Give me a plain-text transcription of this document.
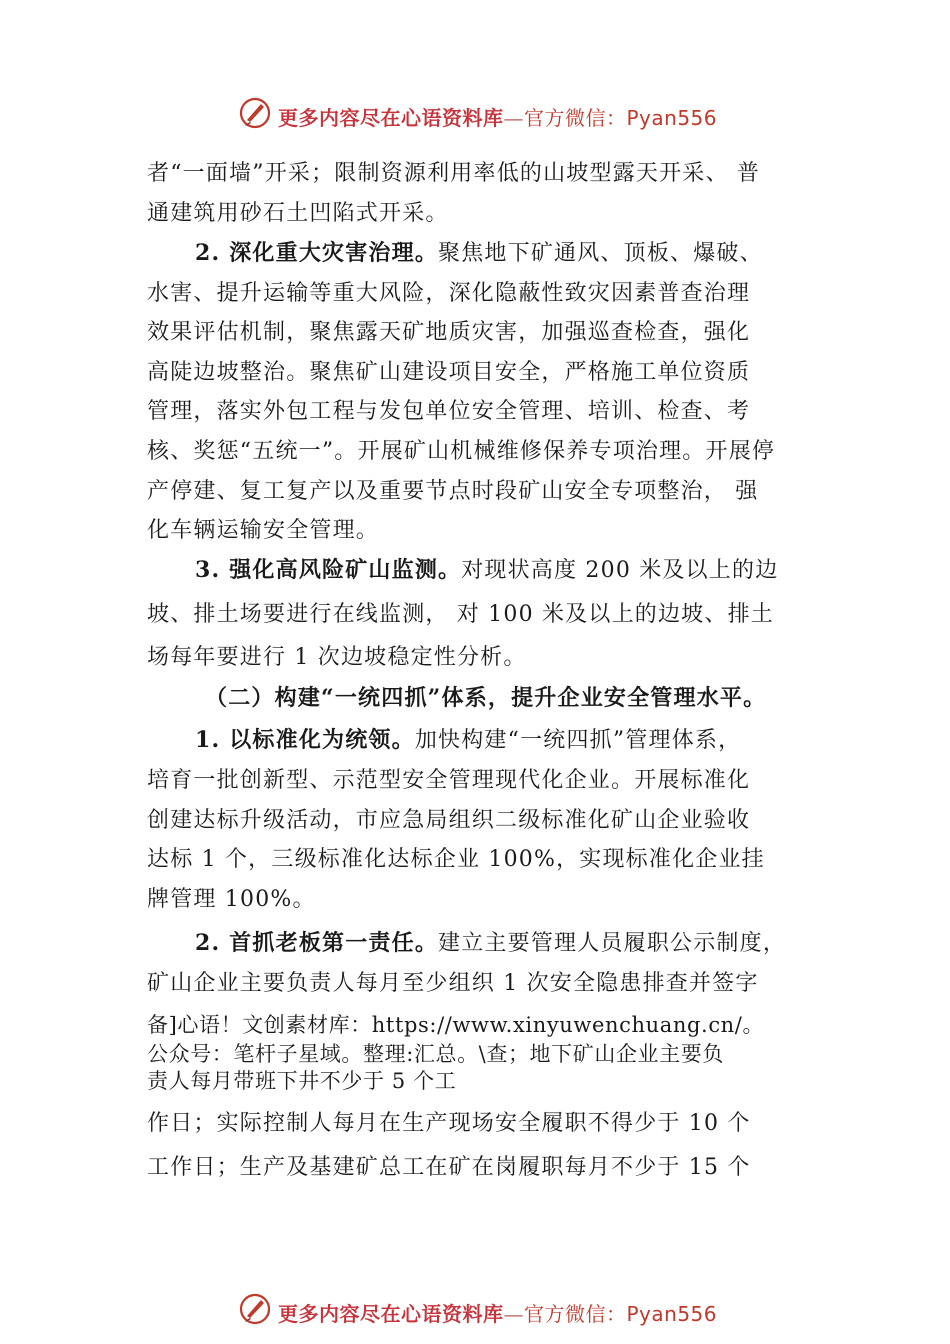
更多内容尽在心语资料库—官方微信：Pyan556
者“一面墙”开采；限制资源利用率低的山坡型露天开采、 普
通建筑用砂石土凹陷式开采。
2. 深化重大灾害治理。聚焦地下矿通风、顶板、爆破、
水害、提升运输等重大风险，深化隐蔽性致灾因素普查治理
效果评估机制，聚焦露天矿地质灾害，加强巡查检查，强化
高陡边坡整治。聚焦矿山建设项目安全，严格施工单位资质
管理，落实外包工程与发包单位安全管理、培训、检查、考
核、奖惩“五统一”。开展矿山机械维修保养专项治理。开展停
产停建、复工复产以及重要节点时段矿山安全专项整治， 强
化车辆运输安全管理。
3. 强化高风险矿山监测。对现状高度 200 米及以上的边
坡、排土场要进行在线监测， 对 100 米及以上的边坡、排土
场每年要进行 1 次边坡稳定性分析。
（二）构建“一统四抓”体系，提升企业安全管理水平。
1. 以标准化为统领。加快构建“一统四抓”管理体系，
培育一批创新型、示范型安全管理现代化企业。开展标准化
创建达标升级活动，市应急局组织二级标准化矿山企业验收
达标 1 个，三级标准化达标企业 100%，实现标准化企业挂
牌管理 100%。
2. 首抓老板第一责任。建立主要管理人员履职公示制度，
矿山企业主要负责人每月至少组织 1 次安全隐患排查并签字
备]心语！文创素材库：https://www.xinyuwenchuang.cn/。
公众号：笔杆子星域。整理:汇总。\查；地下矿山企业主要负
责人每月带班下井不少于 5 个工
作日；实际控制人每月在生产现场安全履职不得少于 10 个
工作日；生产及基建矿总工在矿在岗履职每月不少于 15 个
更多内容尽在心语资料库—官方微信：Pyan556
